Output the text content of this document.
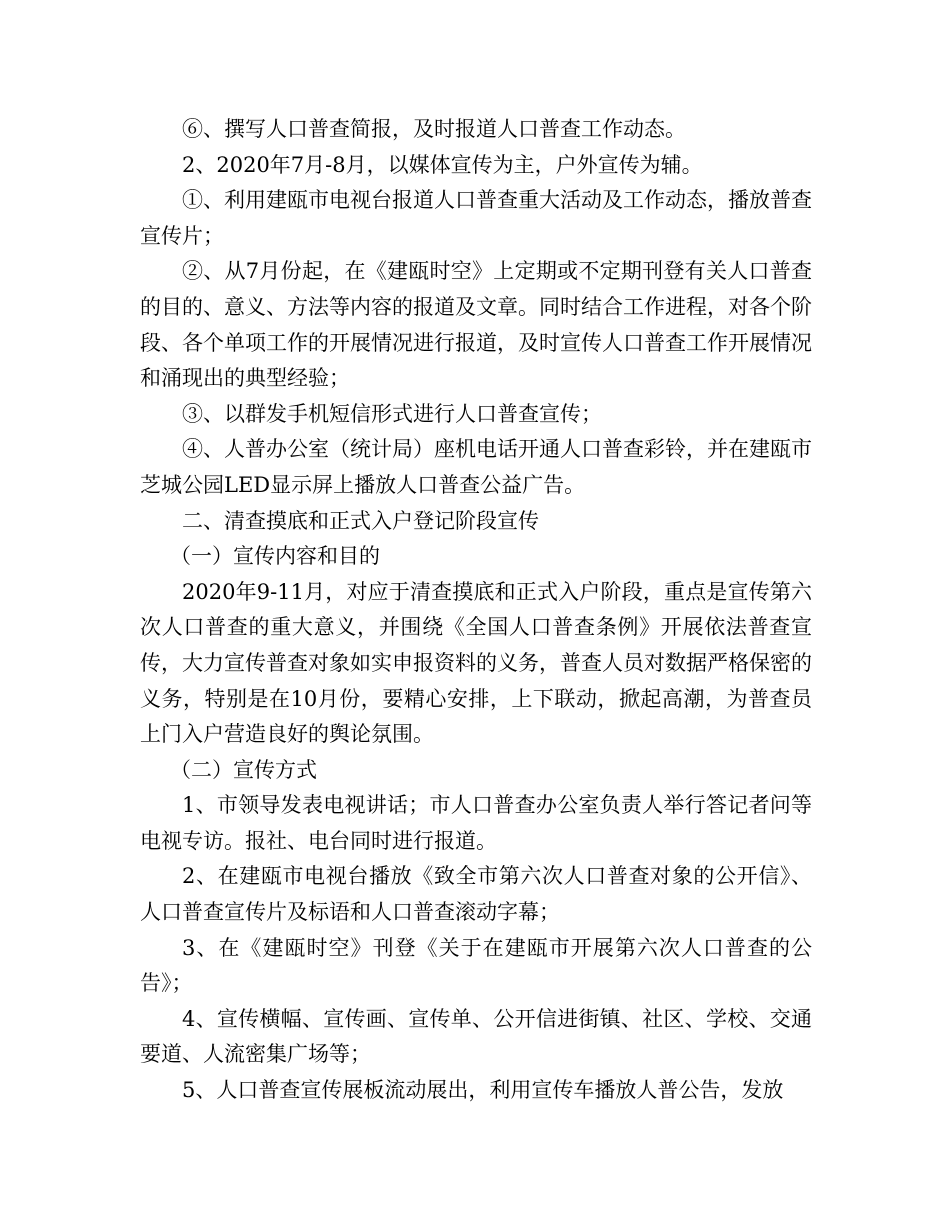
⑥、撰写人口普查简报，及时报道人口普查工作动态。

2、2020年7月-8月，以媒体宣传为主，户外宣传为辅。

①、利用建瓯市电视台报道人口普查重大活动及工作动态，播放普查宣传片；

②、从7月份起，在《建瓯时空》上定期或不定期刊登有关人口普查的目的、意义、方法等内容的报道及文章。同时结合工作进程，对各个阶段、各个单项工作的开展情况进行报道，及时宣传人口普查工作开展情况和涌现出的典型经验；

③、以群发手机短信形式进行人口普查宣传；

④、人普办公室（统计局）座机电话开通人口普查彩铃，并在建瓯市芝城公园LED显示屏上播放人口普查公益广告。

二、清查摸底和正式入户登记阶段宣传

（一）宣传内容和目的

2020年9-11月，对应于清查摸底和正式入户阶段，重点是宣传第六次人口普查的重大意义，并围绕《全国人口普查条例》开展依法普查宣传，大力宣传普查对象如实申报资料的义务，普查人员对数据严格保密的义务，特别是在10月份，要精心安排，上下联动，掀起高潮，为普查员上门入户营造良好的舆论氛围。

（二）宣传方式

1、市领导发表电视讲话；市人口普查办公室负责人举行答记者问等电视专访。报社、电台同时进行报道。

2、在建瓯市电视台播放《致全市第六次人口普查对象的公开信》、人口普查宣传片及标语和人口普查滚动字幕；

3、在《建瓯时空》刊登《关于在建瓯市开展第六次人口普查的公告》；

4、宣传横幅、宣传画、宣传单、公开信进街镇、社区、学校、交通要道、人流密集广场等；

5、人口普查宣传展板流动展出，利用宣传车播放人普公告，发放
